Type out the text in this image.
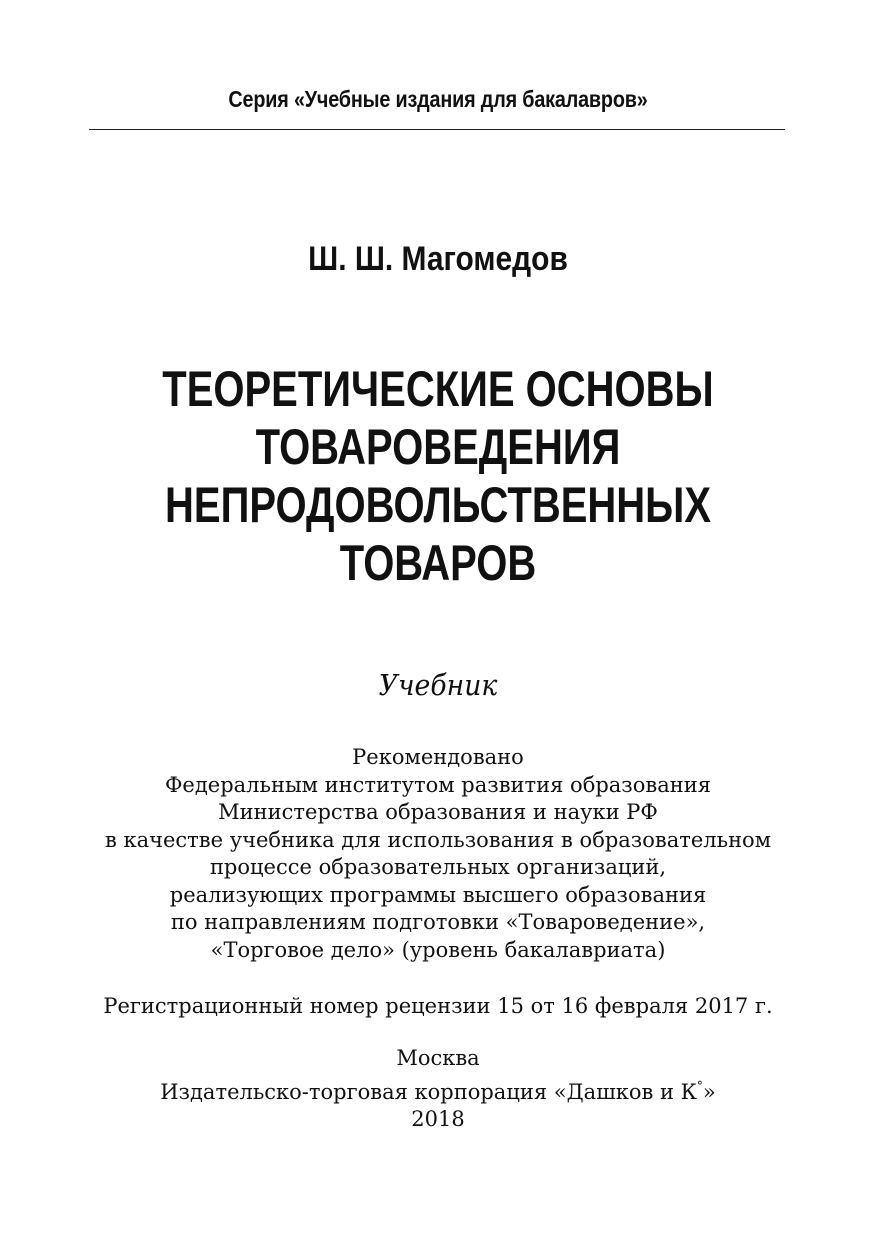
Серия «Учебные издания для бакалавров»
Ш. Ш. Магомедов
ТЕОРЕТИЧЕСКИЕ ОСНОВЫ
ТОВАРОВЕДЕНИЯ
НЕПРОДОВОЛЬСТВЕННЫХ
ТОВАРОВ
Учебник
Рекомендовано
Федеральным институтом развития образования
Министерства образования и науки РФ
в качестве учебника для использования в образовательном
процессе образовательных организаций,
реализующих программы высшего образования
по направлениям подготовки «Товароведение»,
«Торговое дело» (уровень бакалавриата)
Регистрационный номер рецензии 15 от 16 февраля 2017 г.
Москва
Издательско-торговая корпорация «Дашков и К°»
2018
